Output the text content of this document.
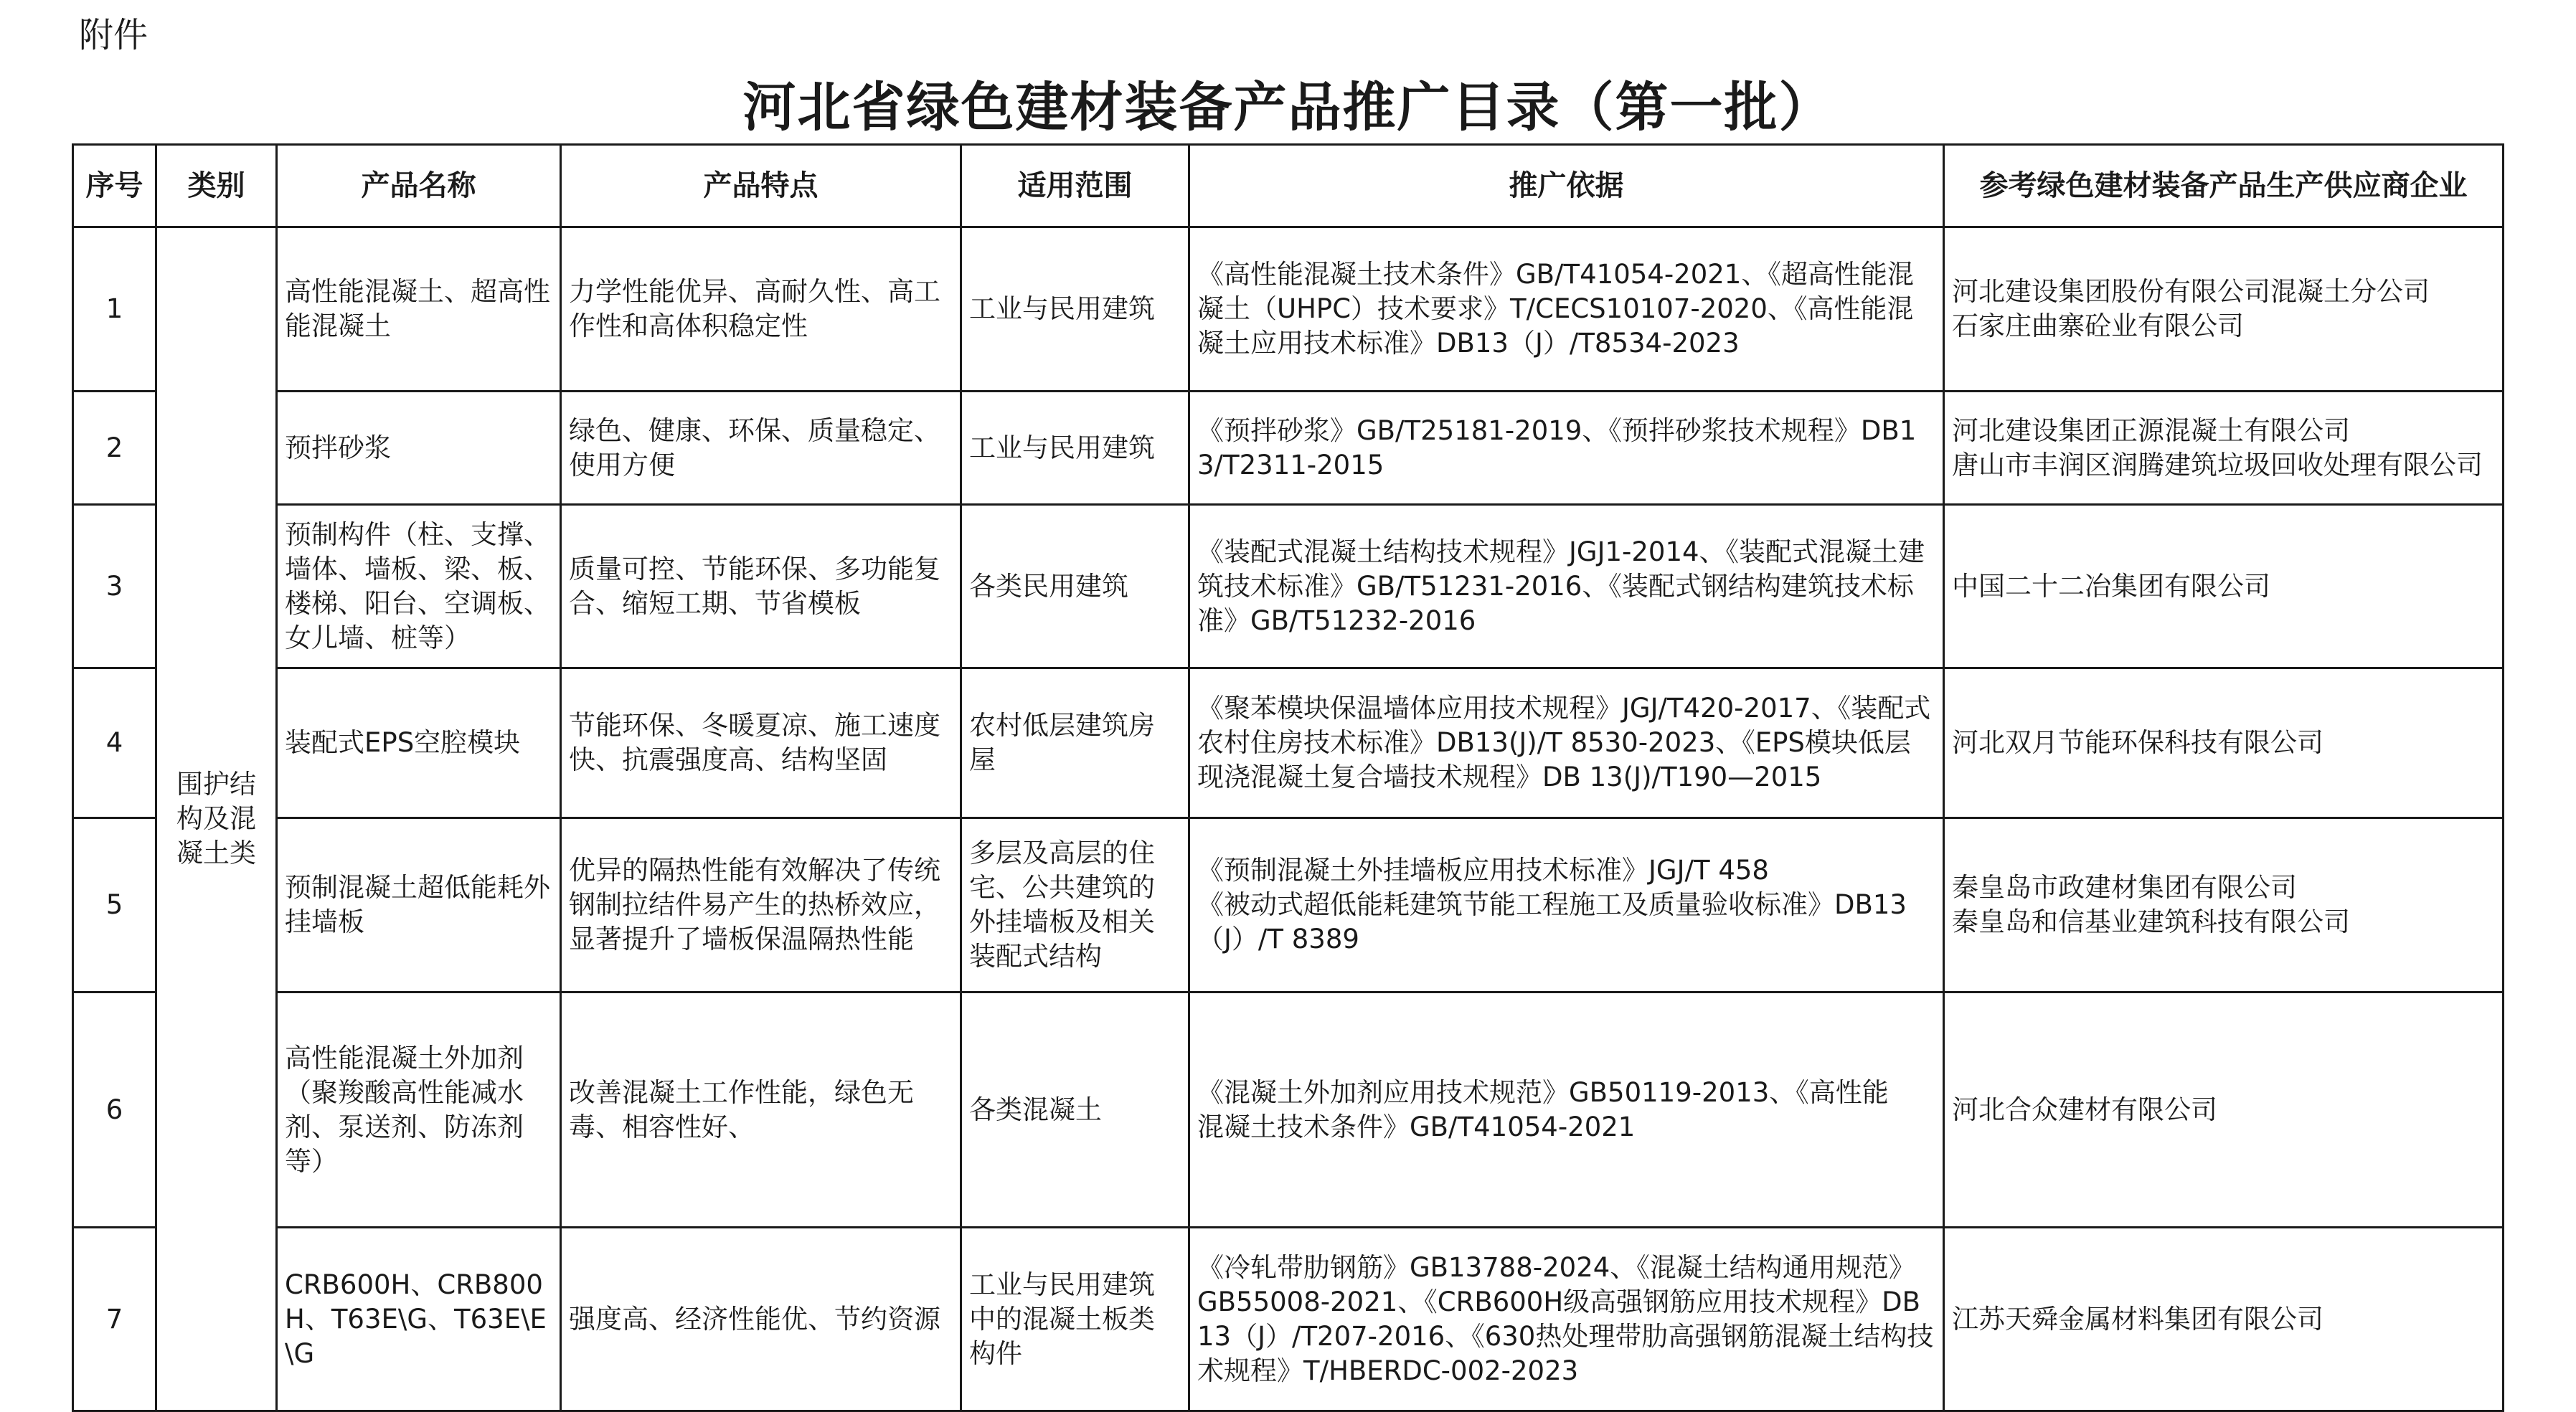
附件
河北省绿色建材装备产品推广目录（第一批）
序号	类别	产品名称	产品特点	适用范围	推广依据	参考绿色建材装备产品生产供应商企业
1	围护结构及混凝土类	高性能混凝土、超高性能混凝土	力学性能优异、高耐久性、高工作性和高体积稳定性	工业与民用建筑	《高性能混凝土技术条件》GB/T41054-2021、《超高性能混凝土（UHPC）技术要求》T/CECS10107-2020、《高性能混凝土应用技术标准》DB13（J）/T8534-2023	河北建设集团股份有限公司混凝土分公司
石家庄曲寨砼业有限公司
2		预拌砂浆	绿色、健康、环保、质量稳定、使用方便	工业与民用建筑	《预拌砂浆》GB/T25181-2019、《预拌砂浆技术规程》DB13/T2311-2015	河北建设集团正源混凝土有限公司
唐山市丰润区润腾建筑垃圾回收处理有限公司
3		预制构件（柱、支撑、墙体、墙板、梁、板、楼梯、阳台、空调板、女儿墙、桩等）	质量可控、节能环保、多功能复合、缩短工期、节省模板	各类民用建筑	《装配式混凝土结构技术规程》JGJ1-2014、《装配式混凝土建筑技术标准》GB/T51231-2016、《装配式钢结构建筑技术标准》GB/T51232-2016	中国二十二冶集团有限公司
4		装配式EPS空腔模块	节能环保、冬暖夏凉、施工速度快、抗震强度高、结构坚固	农村低层建筑房屋	《聚苯模块保温墙体应用技术规程》JGJ/T420-2017、《装配式农村住房技术标准》DB13(J)/T 8530-2023、《EPS模块低层现浇混凝土复合墙技术规程》DB 13(J)/T190—2015	河北双月节能环保科技有限公司
5		预制混凝土超低能耗外挂墙板	优异的隔热性能有效解决了传统钢制拉结件易产生的热桥效应，显著提升了墙板保温隔热性能	多层及高层的住宅、公共建筑的外挂墙板及相关装配式结构	《预制混凝土外挂墙板应用技术标准》JGJ/T 458
《被动式超低能耗建筑节能工程施工及质量验收标准》DB13（J）/T 8389	秦皇岛市政建材集团有限公司
秦皇岛和信基业建筑科技有限公司
6		高性能混凝土外加剂（聚羧酸高性能减水剂、泵送剂、防冻剂等）	改善混凝土工作性能，绿色无毒、相容性好、	各类混凝土	《混凝土外加剂应用技术规范》GB50119-2013、《高性能
混凝土技术条件》GB/T41054-2021	河北合众建材有限公司
7		CRB600H、CRB800H、T63E\G、T63E\E\G	强度高、经济性能优、节约资源	工业与民用建筑中的混凝土板类构件	《冷轧带肋钢筋》GB13788-2024、《混凝土结构通用规范》GB55008-2021、《CRB600H级高强钢筋应用技术规程》DB13（J）/T207-2016、《630热处理带肋高强钢筋混凝土结构技术规程》T/HBERDC-002-2023	江苏天舜金属材料集团有限公司
